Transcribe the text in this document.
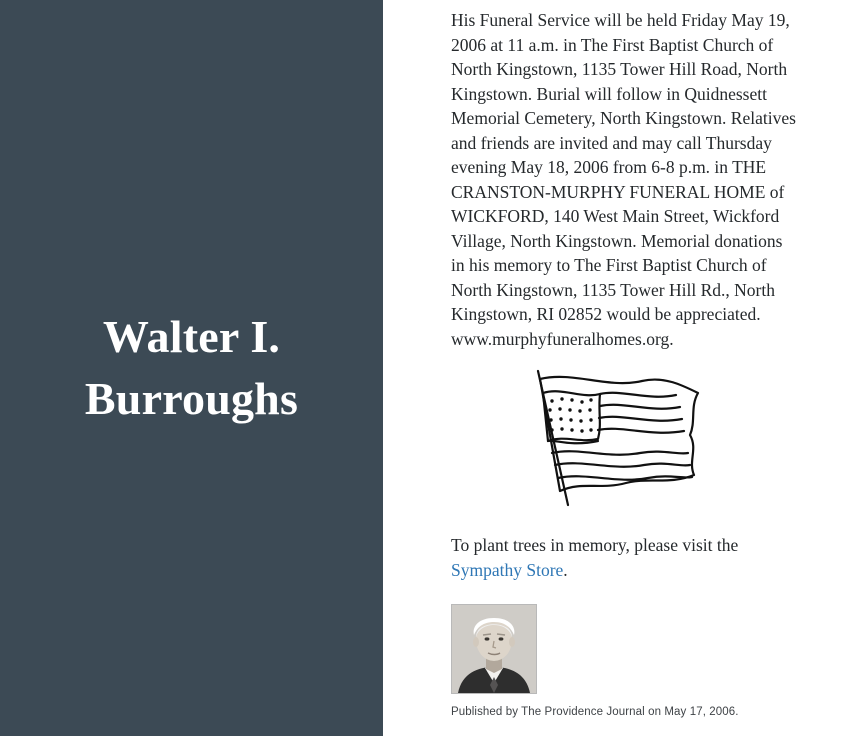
Walter I.
Burroughs

His Funeral Service will be held Friday May 19, 2006 at 11 a.m. in The First Baptist Church of North Kingstown, 1135 Tower Hill Road, North Kingstown. Burial will follow in Quidnessett Memorial Cemetery, North Kingstown. Relatives and friends are invited and may call Thursday evening May 18, 2006 from 6-8 p.m. in THE CRANSTON-MURPHY FUNERAL HOME of WICKFORD, 140 West Main Street, Wickford Village, North Kingstown. Memorial donations in his memory to The First Baptist Church of North Kingstown, 1135 Tower Hill Rd., North Kingstown, RI 02852 would be appreciated. www.murphyfuneralhomes.org.

To plant trees in memory, please visit the Sympathy Store.

Published by The Providence Journal on May 17, 2006.
